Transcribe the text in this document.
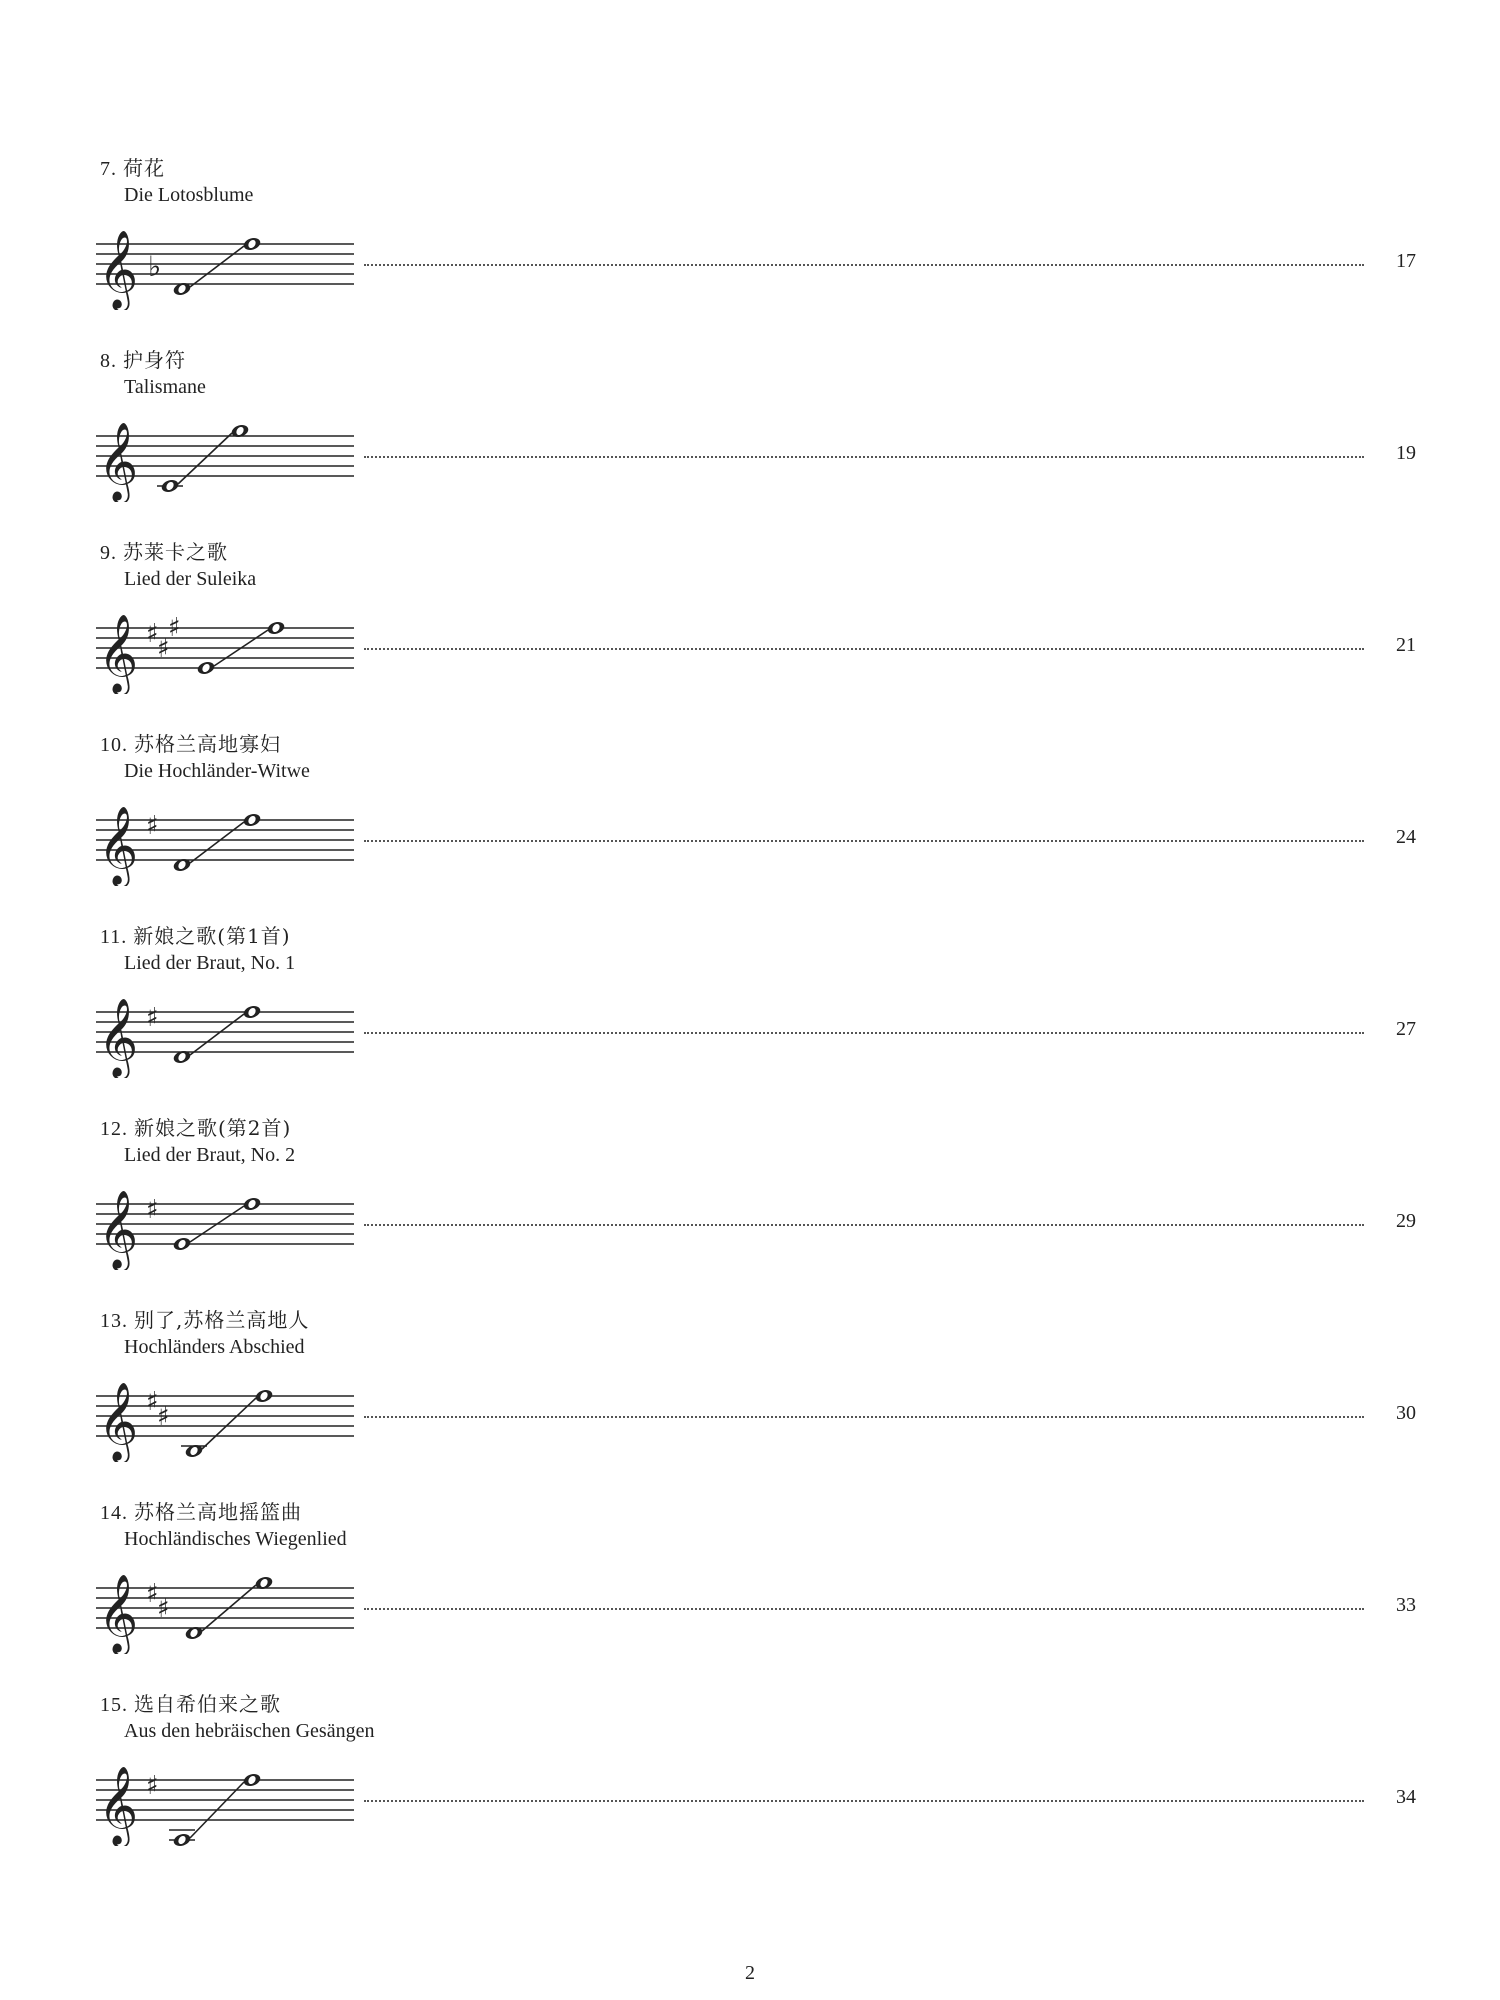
7. 荷花
Die Lotosblume
𝄞 ♭	17
8. 护身符
Talismane
𝄞	19
9. 苏莱卡之歌
Lied der Suleika
𝄞 ♯
♯
♯
21
10. 苏格兰高地寡妇
Die Hochländer-Witwe
𝄞 ♯	24
11. 新娘之歌(第1首)
Lied der Braut, No. 1
𝄞 ♯	27
12. 新娘之歌(第2首)
Lied der Braut, No. 2
𝄞 ♯	29
13. 别了,苏格兰高地人
Hochländers Abschied
𝄞 ♯
♯	30
14. 苏格兰高地摇篮曲
Hochländisches Wiegenlied
𝄞 ♯
♯	33
15. 选自希伯来之歌
Aus den hebräischen Gesängen
𝄞 ♯	34
2
